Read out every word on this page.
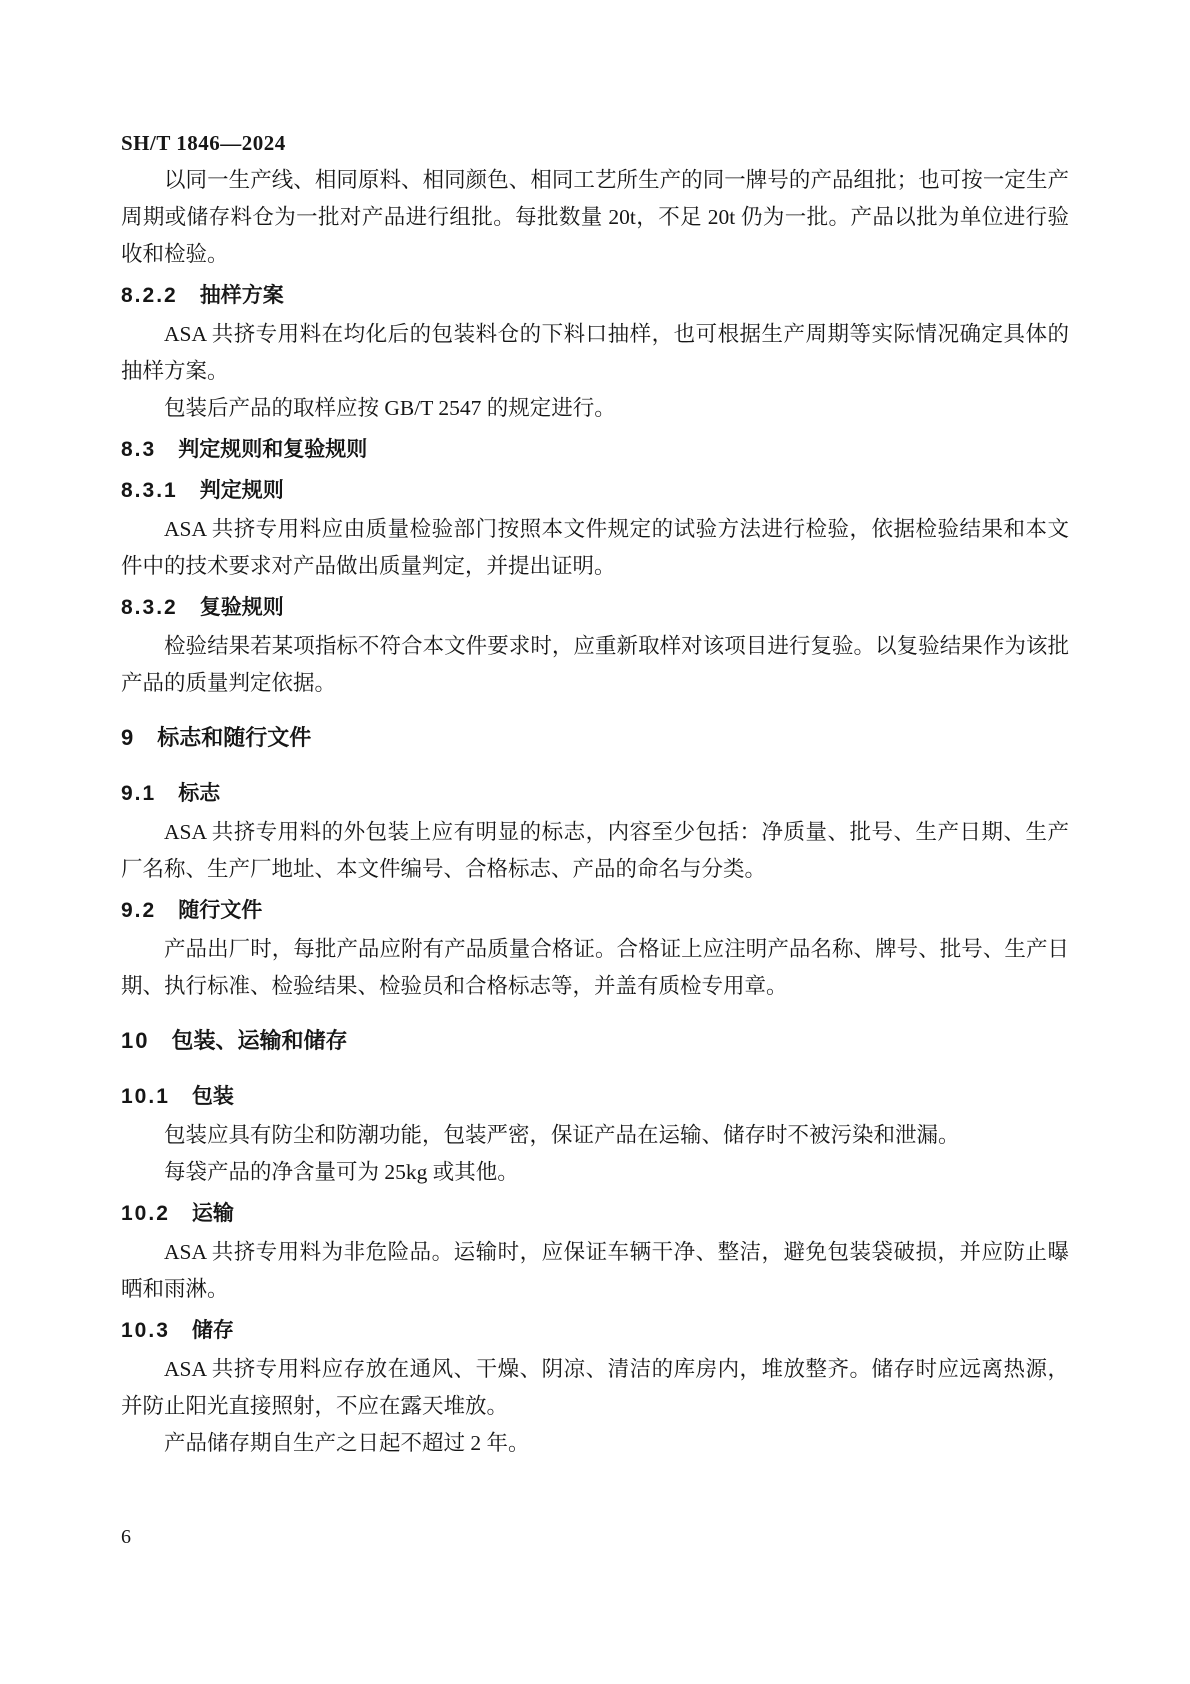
SH/T 1846—2024

以同一生产线、相同原料、相同颜色、相同工艺所生产的同一牌号的产品组批；也可按一定生产周期或储存料仓为一批对产品进行组批。每批数量 20t，不足 20t 仍为一批。产品以批为单位进行验收和检验。

8.2.2 抽样方案

ASA 共挤专用料在均化后的包装料仓的下料口抽样，也可根据生产周期等实际情况确定具体的抽样方案。

包装后产品的取样应按 GB/T 2547 的规定进行。

8.3 判定规则和复验规则
8.3.1 判定规则

ASA 共挤专用料应由质量检验部门按照本文件规定的试验方法进行检验，依据检验结果和本文件中的技术要求对产品做出质量判定，并提出证明。

8.3.2 复验规则

检验结果若某项指标不符合本文件要求时，应重新取样对该项目进行复验。以复验结果作为该批产品的质量判定依据。

9 标志和随行文件
9.1 标志

ASA 共挤专用料的外包装上应有明显的标志，内容至少包括：净质量、批号、生产日期、生产厂名称、生产厂地址、本文件编号、合格标志、产品的命名与分类。

9.2 随行文件

产品出厂时，每批产品应附有产品质量合格证。合格证上应注明产品名称、牌号、批号、生产日期、执行标准、检验结果、检验员和合格标志等，并盖有质检专用章。

10 包装、运输和储存
10.1 包装

包装应具有防尘和防潮功能，包装严密，保证产品在运输、储存时不被污染和泄漏。

每袋产品的净含量可为 25kg 或其他。

10.2 运输

ASA 共挤专用料为非危险品。运输时，应保证车辆干净、整洁，避免包装袋破损，并应防止曝晒和雨淋。

10.3 储存

ASA 共挤专用料应存放在通风、干燥、阴凉、清洁的库房内，堆放整齐。储存时应远离热源，并防止阳光直接照射，不应在露天堆放。

产品储存期自生产之日起不超过 2 年。

6
